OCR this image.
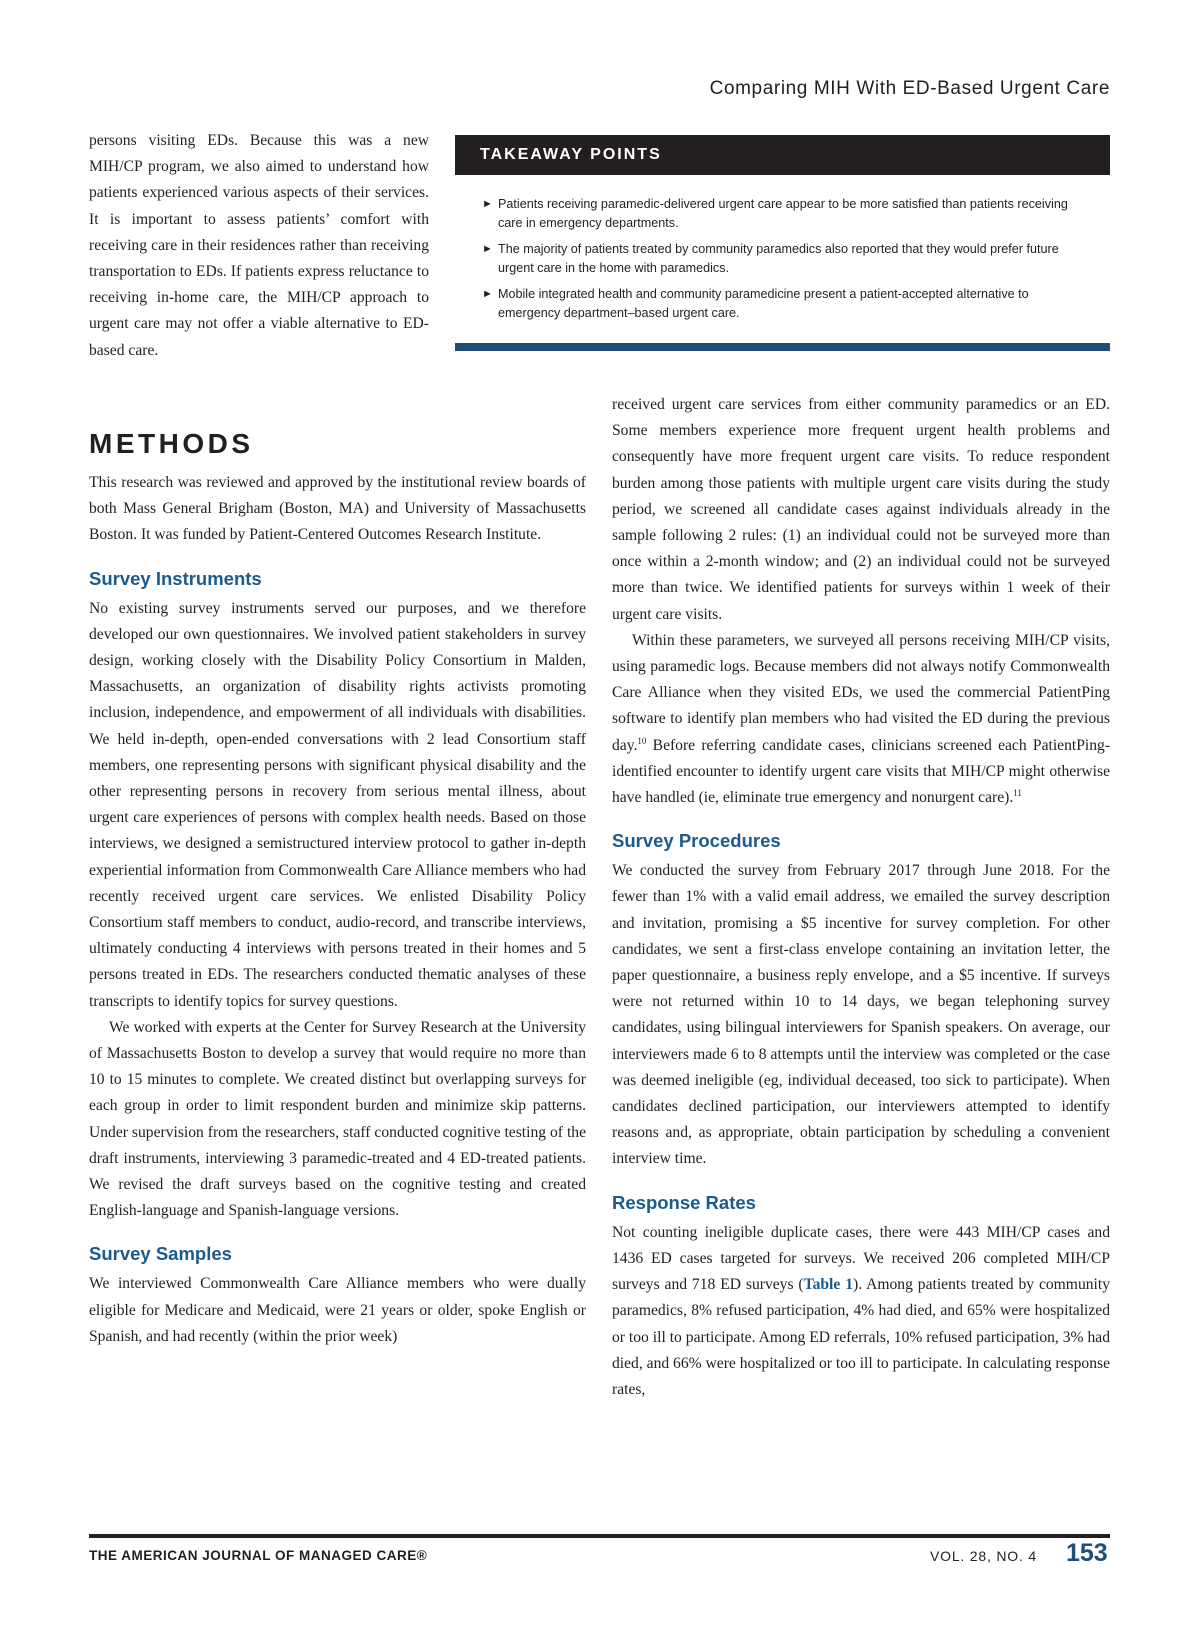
Comparing MIH With ED-Based Urgent Care

persons visiting EDs. Because this was a new MIH/CP program, we also aimed to understand how patients experienced various aspects of their services. It is important to assess patients’ comfort with receiving care in their residences rather than receiving transportation to EDs. If patients express reluctance to receiving in-home care, the MIH/CP approach to urgent care may not offer a viable alternative to ED-based care.

TAKEAWAY POINTS
► Patients receiving paramedic-delivered urgent care appear to be more satisfied than patients receiving care in emergency departments.
► The majority of patients treated by community paramedics also reported that they would prefer future urgent care in the home with paramedics.
► Mobile integrated health and community paramedicine present a patient-accepted alternative to emergency department–based urgent care.
METHODS

This research was reviewed and approved by the institutional review boards of both Mass General Brigham (Boston, MA) and University of Massachusetts Boston. It was funded by Patient-Centered Outcomes Research Institute.

Survey Instruments

No existing survey instruments served our purposes, and we therefore developed our own questionnaires. We involved patient stakeholders in survey design, working closely with the Disability Policy Consortium in Malden, Massachusetts, an organization of disability rights activists promoting inclusion, independence, and empowerment of all individuals with disabilities. We held in-depth, open-ended conversations with 2 lead Consortium staff members, one representing persons with significant physical disability and the other representing persons in recovery from serious mental illness, about urgent care experiences of persons with complex health needs. Based on those interviews, we designed a semistructured interview protocol to gather in-depth experiential information from Commonwealth Care Alliance members who had recently received urgent care services. We enlisted Disability Policy Consortium staff members to conduct, audio-record, and transcribe interviews, ultimately conducting 4 interviews with persons treated in their homes and 5 persons treated in EDs. The researchers conducted thematic analyses of these transcripts to identify topics for survey questions.

We worked with experts at the Center for Survey Research at the University of Massachusetts Boston to develop a survey that would require no more than 10 to 15 minutes to complete. We created distinct but overlapping surveys for each group in order to limit respondent burden and minimize skip patterns. Under supervision from the researchers, staff conducted cognitive testing of the draft instruments, interviewing 3 paramedic-treated and 4 ED-treated patients. We revised the draft surveys based on the cognitive testing and created English-language and Spanish-language versions.

Survey Samples

We interviewed Commonwealth Care Alliance members who were dually eligible for Medicare and Medicaid, were 21 years or older, spoke English or Spanish, and had recently (within the prior week)

received urgent care services from either community paramedics or an ED. Some members experience more frequent urgent health problems and consequently have more frequent urgent care visits. To reduce respondent burden among those patients with multiple urgent care visits during the study period, we screened all candidate cases against individuals already in the sample following 2 rules: (1) an individual could not be surveyed more than once within a 2-month window; and (2) an individual could not be surveyed more than twice. We identified patients for surveys within 1 week of their urgent care visits.

Within these parameters, we surveyed all persons receiving MIH/CP visits, using paramedic logs. Because members did not always notify Commonwealth Care Alliance when they visited EDs, we used the commercial PatientPing software to identify plan members who had visited the ED during the previous day.$^{10}$ Before referring candidate cases, clinicians screened each PatientPing-identified encounter to identify urgent care visits that MIH/CP might otherwise have handled (ie, eliminate true emergency and nonurgent care).$^{11}$

Survey Procedures

We conducted the survey from February 2017 through June 2018. For the fewer than 1% with a valid email address, we emailed the survey description and invitation, promising a $5 incentive for survey completion. For other candidates, we sent a first-class envelope containing an invitation letter, the paper questionnaire, a business reply envelope, and a $5 incentive. If surveys were not returned within 10 to 14 days, we began telephoning survey candidates, using bilingual interviewers for Spanish speakers. On average, our interviewers made 6 to 8 attempts until the interview was completed or the case was deemed ineligible (eg, individual deceased, too sick to participate). When candidates declined participation, our interviewers attempted to identify reasons and, as appropriate, obtain participation by scheduling a convenient interview time.

Response Rates

Not counting ineligible duplicate cases, there were 443 MIH/CP cases and 1436 ED cases targeted for surveys. We received 206 completed MIH/CP surveys and 718 ED surveys (Table 1). Among patients treated by community paramedics, 8% refused participation, 4% had died, and 65% were hospitalized or too ill to participate. Among ED referrals, 10% refused participation, 3% had died, and 66% were hospitalized or too ill to participate. In calculating response rates,

THE AMERICAN JOURNAL OF MANAGED CARE®	VOL. 28, NO. 4 153
